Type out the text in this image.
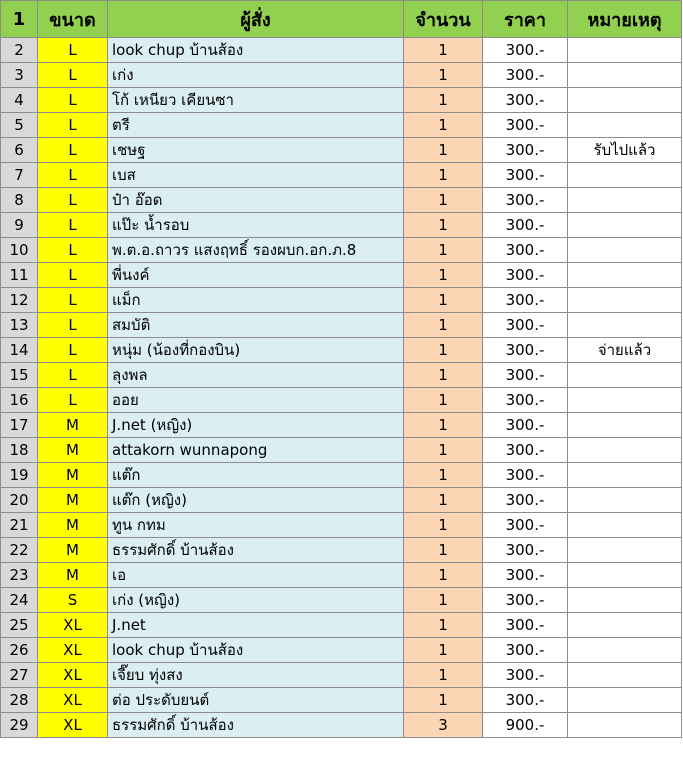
1	ขนาด	ผู้สั่ง	จำนวน	ราคา	หมายเหตุ
2	L	look chup บ้านส้อง	1	300.-	
3	L	เก่ง	1	300.-	
4	L	โก้ เหนียว เคียนซา	1	300.-	
5	L	ตรี	1	300.-	
6	L	เชษฐ	1	300.-	รับไปแล้ว
7	L	เบส	1	300.-	
8	L	ป๋า อ๊อด	1	300.-	
9	L	แป๊ะ น้ำรอบ	1	300.-	
10	L	พ.ต.อ.ถาวร แสงฤทธิ์ รองผบก.อก.ภ.8	1	300.-	
11	L	พี่นงค์	1	300.-	
12	L	แม็ก	1	300.-	
13	L	สมบัติ	1	300.-	
14	L	หนุ่ม (น้องที่กองบิน)	1	300.-	จ่ายแล้ว
15	L	ลุงพล	1	300.-	
16	L	ออย	1	300.-	
17	M	J.net (หญิง)	1	300.-	
18	M	attakorn wunnapong	1	300.-	
19	M	แต๊ก	1	300.-	
20	M	แต๊ก (หญิง)	1	300.-	
21	M	ทูน กทม	1	300.-	
22	M	ธรรมศักดิ์ บ้านส้อง	1	300.-	
23	M	เอ	1	300.-	
24	S	เก่ง (หญิง)	1	300.-	
25	XL	J.net	1	300.-	
26	XL	look chup บ้านส้อง	1	300.-	
27	XL	เจี๊ยบ ทุ่งสง	1	300.-	
28	XL	ต่อ ประดับยนต์	1	300.-	
29	XL	ธรรมศักดิ์ บ้านส้อง	3	900.-	
